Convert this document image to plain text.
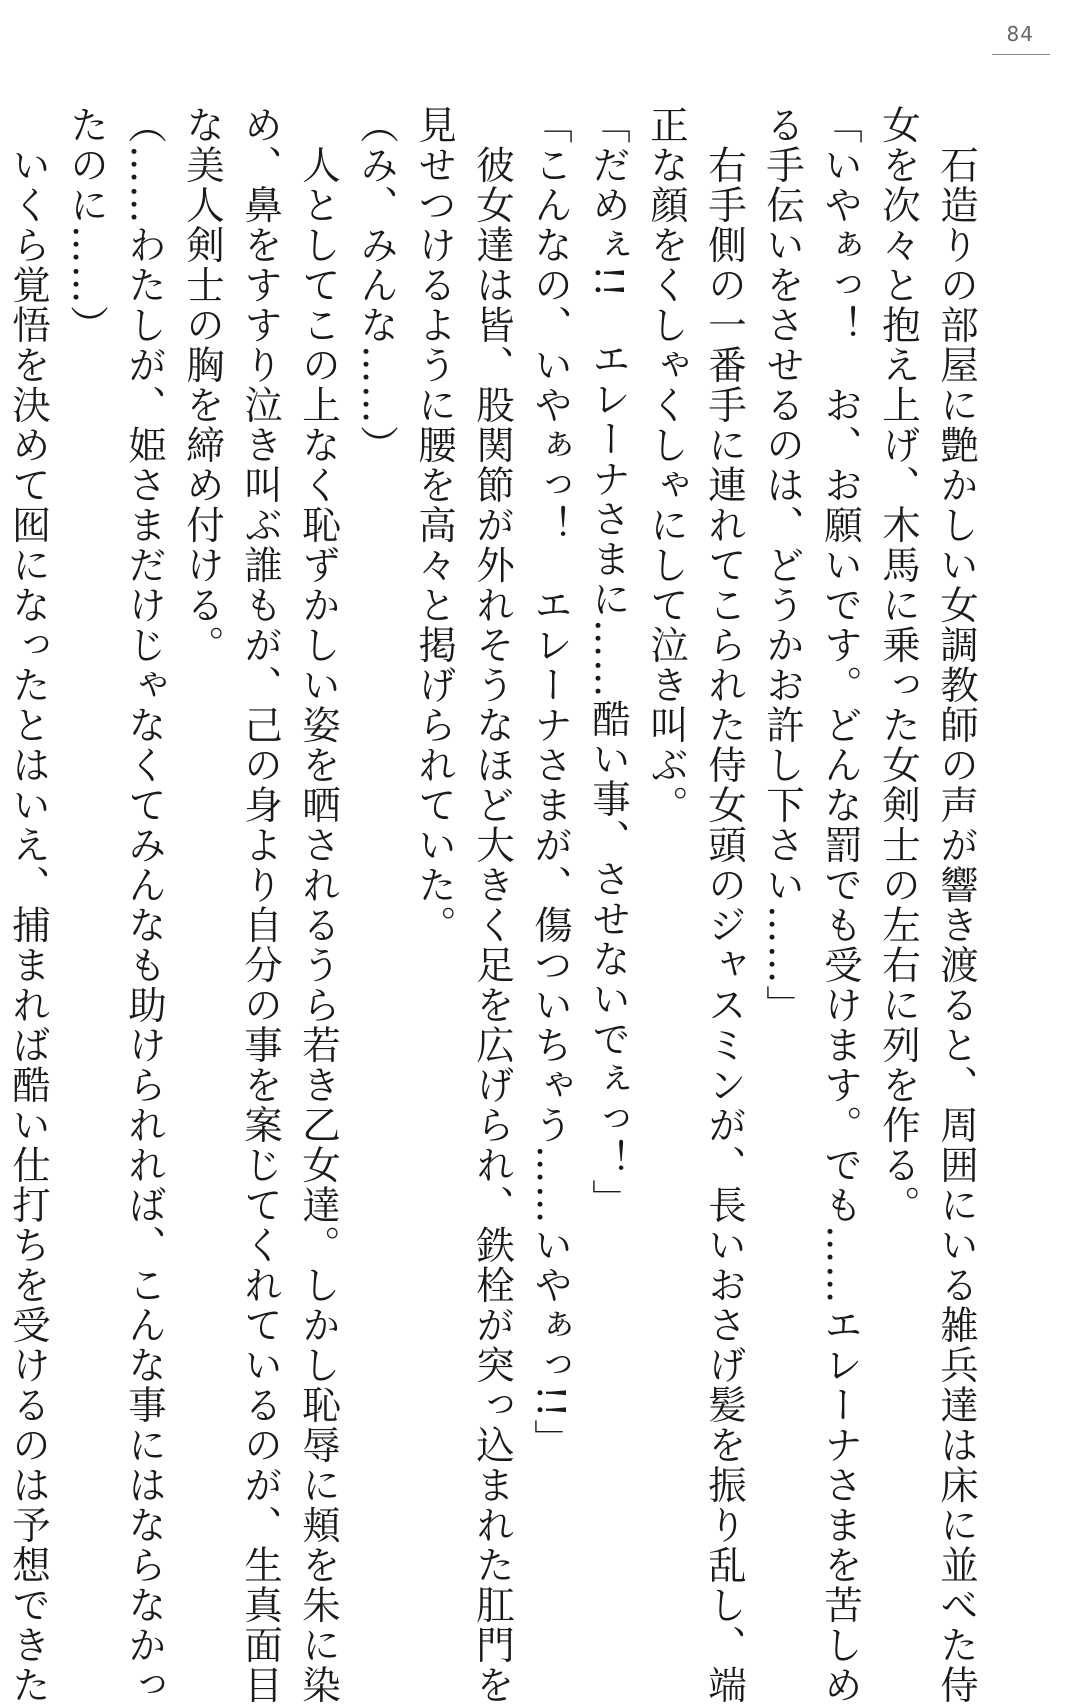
84
　石造りの部屋に艶かしい女調教師の声が響き渡ると、周囲にいる雑兵達は床に並べた侍
女を次々と抱え上げ、木馬に乗った女剣士の左右に列を作る。
「いやぁっ！　お、お願いです。どんな罰でも受けます。でも……エレーナさまを苦しめ
る手伝いをさせるのは、どうかお許し下さい……」
　右手側の一番手に連れてこられた侍女頭のジャスミンが、長いおさげ髪を振り乱し、端
正な顔をくしゃくしゃにして泣き叫ぶ。
「だめぇ!!　エレーナさまに……酷い事、させないでぇっ！」
「こんなの、いやぁっ！　エレーナさまが、傷ついちゃう……いやぁっ!!」
　彼女達は皆、股関節が外れそうなほど大きく足を広げられ、鉄栓が突っ込まれた肛門を
見せつけるように腰を高々と掲げられていた。
（み、みんな……）
　人としてこの上なく恥ずかしい姿を晒されるうら若き乙女達。しかし恥辱に頬を朱に染
め、鼻をすすり泣き叫ぶ誰もが、己の身より自分の事を案じてくれているのが、生真面目
な美人剣士の胸を締め付ける。
（……わたしが、姫さまだけじゃなくてみんなも助けられれば、こんな事にはならなかっ
たのに……）
　いくら覚悟を決めて囮になったとはいえ、捕まれば酷い仕打ちを受けるのは予想できた
